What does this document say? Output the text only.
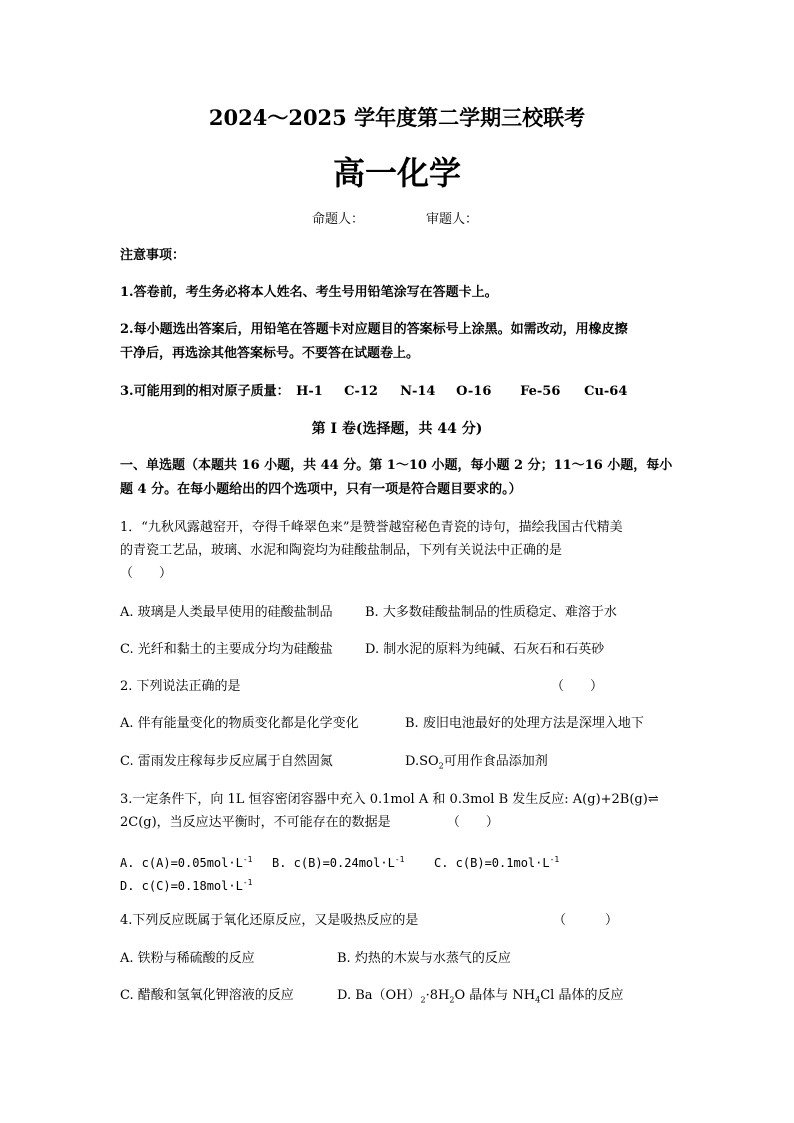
2024～2025 学年度第二学期三校联考
高一化学
命题人：	审题人：
注意事项：
1.答卷前，考生务必将本人姓名、考生号用铅笔涂写在答题卡上。
2.每小题选出答案后，用铅笔在答题卡对应题目的答案标号上涂黑。如需改动，用橡皮擦
干净后，再选涂其他答案标号。不要答在试题卷上。
3.可能用到的相对原子质量： H-1 C-12 N-14 O-16 Fe-56 Cu-64
第 I 卷(选择题，共 44 分)
一、单选题（本题共 16 小题，共 44 分。第 1～10 小题，每小题 2 分；11～16 小题，每小
题 4 分。在每小题给出的四个选项中，只有一项是符合题目要求的。）
1．“九秋风露越窑开，夺得千峰翠色来”是赞誉越窑秘色青瓷的诗句，描绘我国古代精美
的青瓷工艺品，玻璃、水泥和陶瓷均为硅酸盐制品，下列有关说法中正确的是
（　　）
A. 玻璃是人类最早使用的硅酸盐制品 B. 大多数硅酸盐制品的性质稳定、难溶于水
C. 光纤和黏土的主要成分均为硅酸盐 D. 制水泥的原料为纯碱、石灰石和石英砂
2. 下列说法正确的是	（　　）
A. 伴有能量变化的物质变化都是化学变化	B. 废旧电池最好的处理方法是深埋入地下
C. 雷雨发庄稼每步反应属于自然固氮	$D.SO_2$可用作食品添加剂
3.一定条件下，向 1L 恒容密闭容器中充入 0.1mol A 和 0.3mol B 发生反应: A(g)+2B(g)⇌
2C(g)，当反应达平衡时，不可能存在的数据是	（　　）
A. $c(A)=0.05mol\cdot L^{-1}$ B. $c(B)=0.24mol\cdot L^{-1}$ C. $c(B)=0.1mol\cdot L^{-1}$
D. $c(C)=0.18mol\cdot L^{-1}$
4.下列反应既属于氧化还原反应，又是吸热反应的是	（　　　）
A. 铁粉与稀硫酸的反应	B. 灼热的木炭与水蒸气的反应
C. 醋酸和氢氧化钾溶液的反应	D. $Ba(OH)_2\cdot 8H_2O$ 晶体与 $NH_4Cl$ 晶体的反应
